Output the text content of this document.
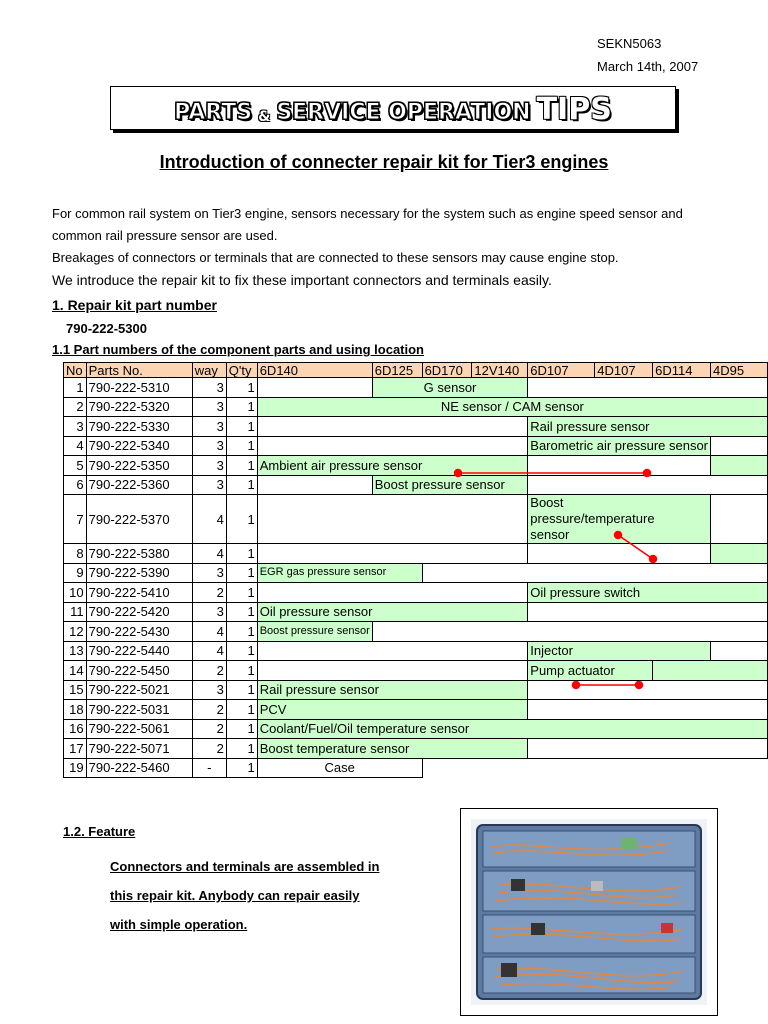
SEKN5063
March 14th, 2007
PARTS & SERVICE OPERATION TIPS
Introduction of connecter repair kit for Tier3 engines

For common rail system on Tier3 engine, sensors necessary for the system such as engine speed sensor and

common rail pressure sensor are used.

Breakages of connectors or terminals that are connected to these sensors may cause engine stop.

We introduce the repair kit to fix these important connectors and terminals easily.

1. Repair kit part number
790-222-5300
1.1 Part numbers of the component parts and using location
No	Parts No.	way	Q'ty	6D140	6D125	6D170	12V140	6D107	4D107	6D114	4D95
1	790-222-5310	3	1		G sensor						
2	790-222-5320	3	1	NE sensor / CAM sensor							
3	790-222-5330	3	1					Rail pressure sensor			
4	790-222-5340	3	1					Barometric air pressure sensor			
5	790-222-5350	3	1	Ambient air pressure sensor							
6	790-222-5360	3	1		Boost pressure sensor						
7	790-222-5370	4	1					Boost pressure/temperature sensor			

8	790-222-5380	4	1								
9	790-222-5390	3	1	EGR gas pressure sensor							
10	790-222-5410	2	1					Oil pressure switch			
11	790-222-5420	3	1	Oil pressure sensor							
12	790-222-5430	4	1	Boost pressure sensor							
13	790-222-5440	4	1					Injector			
14	790-222-5450	2	1					Pump actuator			
15	790-222-5021	3	1	Rail pressure sensor							
18	790-222-5031	2	1	PCV							
16	790-222-5061	2	1	Coolant/Fuel/Oil temperature sensor							
17	790-222-5071	2	1	Boost temperature sensor							
19	790-222-5460	-	1	Case							
1.2. Feature
Connectors and terminals are assembled in
this repair kit. Anybody can repair easily
with simple operation.
